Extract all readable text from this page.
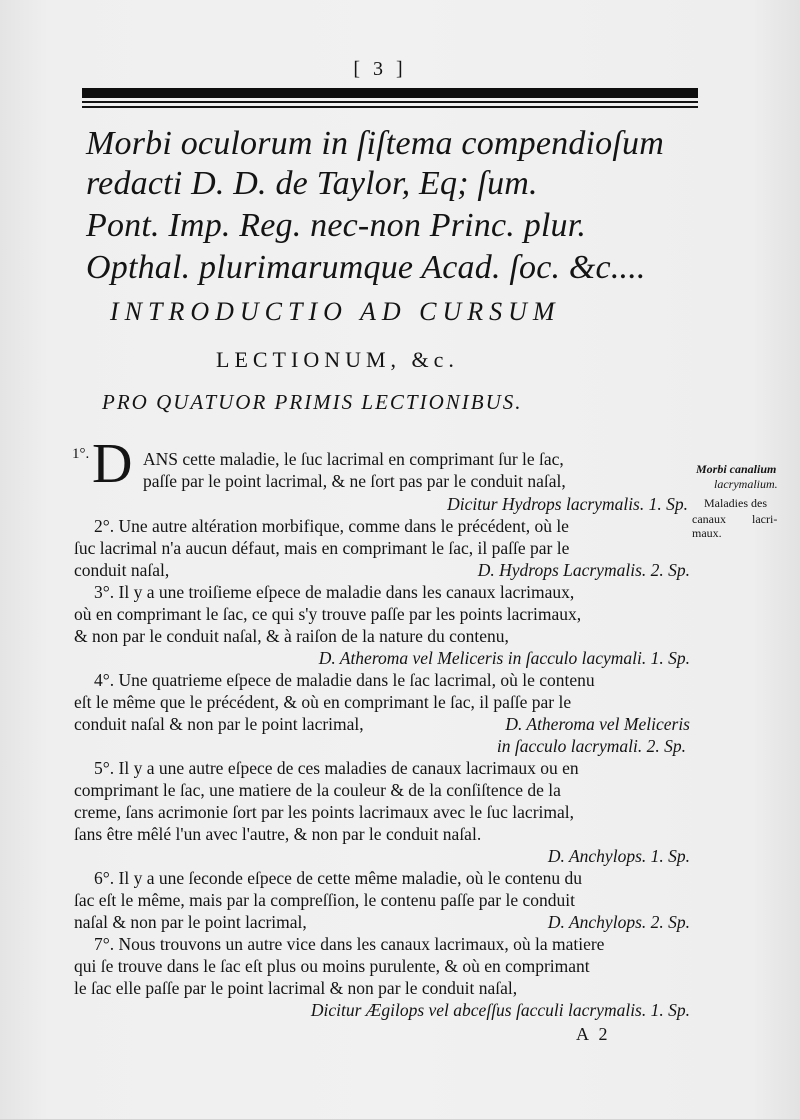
[ 3 ]
Morbi oculorum in ſiſtema compendioſum
redacti D. D. de Taylor, Eq; ſum.
Pont. Imp. Reg. nec-non Princ. plur.
Opthal. plurimarumque Acad. ſoc. &c....
INTRODUCTIO AD CURSUM
LECTIONUM, &c.
PRO QUATUOR PRIMIS LECTIONIBUS.
1°. D ANS cette maladie, le ſuc lacrimal en comprimant ſur le ſac,
paſſe par le point lacrimal, & ne ſort pas par le conduit naſal,
Dicitur Hydrops lacrymalis. 1. Sp.
2°. Une autre altération morbifique, comme dans le précédent, où le
ſuc lacrimal n'a aucun défaut, mais en comprimant le ſac, il paſſe par le
conduit naſal,	D. Hydrops Lacrymalis. 2. Sp.
3°. Il y a une troiſieme eſpece de maladie dans les canaux lacrimaux,
où en comprimant le ſac, ce qui s'y trouve paſſe par les points lacrimaux,
& non par le conduit naſal, & à raiſon de la nature du contenu,
D. Atheroma vel Meliceris in ſacculo lacymali. 1. Sp.
4°. Une quatrieme eſpece de maladie dans le ſac lacrimal, où le contenu
eſt le même que le précédent, & où en comprimant le ſac, il paſſe par le
conduit naſal & non par le point lacrimal,	D. Atheroma vel Meliceris
in ſacculo lacrymali. 2. Sp.
5°. Il y a une autre eſpece de ces maladies de canaux lacrimaux ou en
comprimant le ſac, une matiere de la couleur & de la conſiſtence de la
creme, ſans acrimonie ſort par les points lacrimaux avec le ſuc lacrimal,
ſans être mêlé l'un avec l'autre, & non par le conduit naſal.
D. Anchylops. 1. Sp.
6°. Il y a une ſeconde eſpece de cette même maladie, où le contenu du
ſac eſt le même, mais par la compreſſion, le contenu paſſe par le conduit
naſal & non par le point lacrimal,	D. Anchylops. 2. Sp.
7°. Nous trouvons un autre vice dans les canaux lacrimaux, où la matiere
qui ſe trouve dans le ſac eſt plus ou moins purulente, & où en comprimant
le ſac elle paſſe par le point lacrimal & non par le conduit naſal,
Dicitur Ægilops vel abceſſus ſacculi lacrymalis. 1. Sp.
Morbi canalium
lacrymalium.
Maladies des
canaux lacri-
maux.
A 2
